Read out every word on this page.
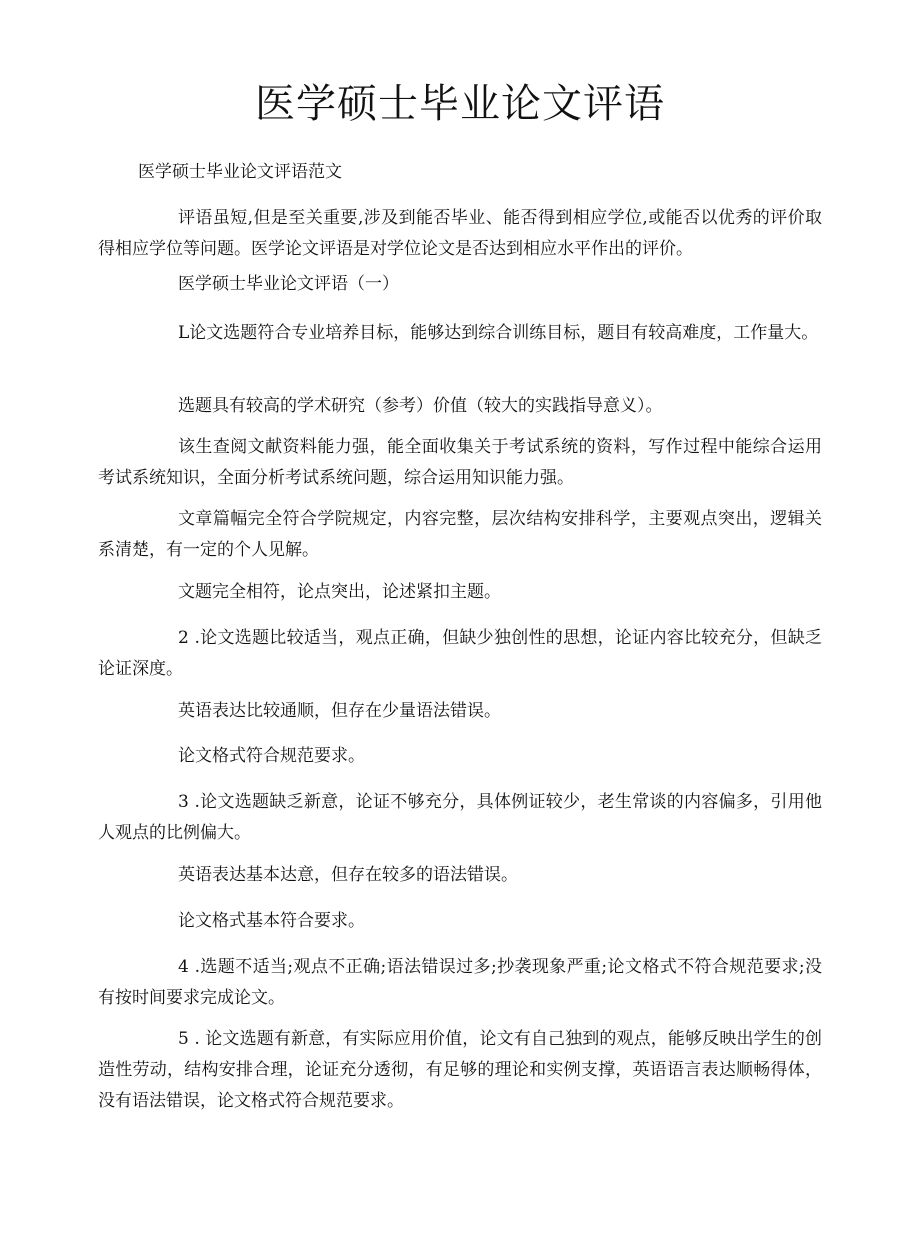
医学硕士毕业论文评语

医学硕士毕业论文评语范文

评语虽短,但是至关重要,涉及到能否毕业、能否得到相应学位,或能否以优秀的评价取得相应学位等问题。医学论文评语是对学位论文是否达到相应水平作出的评价。

医学硕士毕业论文评语（一）

L论文选题符合专业培养目标，能够达到综合训练目标，题目有较高难度，工作量大。

选题具有较高的学术研究（参考）价值（较大的实践指导意义）。

该生查阅文献资料能力强，能全面收集关于考试系统的资料，写作过程中能综合运用考试系统知识，全面分析考试系统问题，综合运用知识能力强。

文章篇幅完全符合学院规定，内容完整，层次结构安排科学，主要观点突出，逻辑关系清楚，有一定的个人见解。

文题完全相符，论点突出，论述紧扣主题。

2 .论文选题比较适当，观点正确，但缺少独创性的思想，论证内容比较充分，但缺乏论证深度。

英语表达比较通顺，但存在少量语法错误。

论文格式符合规范要求。

3 .论文选题缺乏新意，论证不够充分，具体例证较少，老生常谈的内容偏多，引用他人观点的比例偏大。

英语表达基本达意，但存在较多的语法错误。

论文格式基本符合要求。

4 .选题不适当;观点不正确;语法错误过多;抄袭现象严重;论文格式不符合规范要求;没有按时间要求完成论文。

5 . 论文选题有新意，有实际应用价值，论文有自己独到的观点，能够反映出学生的创造性劳动，结构安排合理，论证充分透彻，有足够的理论和实例支撑，英语语言表达顺畅得体，没有语法错误，论文格式符合规范要求。
